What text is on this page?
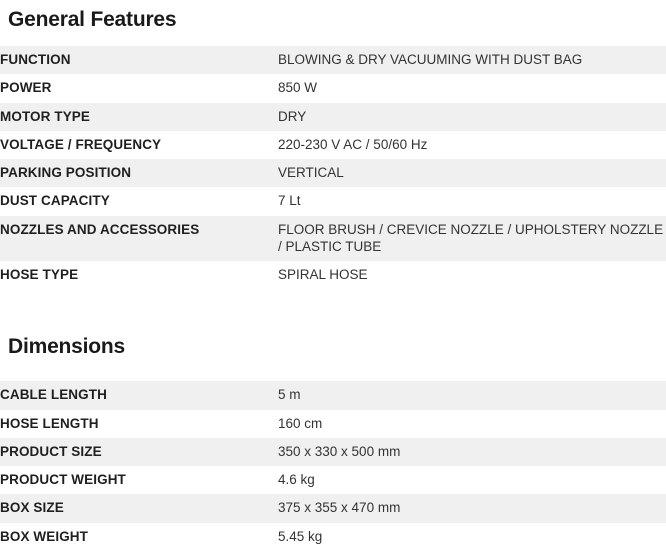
General Features
FUNCTION	BLOWING & DRY VACUUMING WITH DUST BAG
POWER	850 W
MOTOR TYPE	DRY
VOLTAGE / FREQUENCY	220-230 V AC / 50/60 Hz
PARKING POSITION	VERTICAL
DUST CAPACITY	7 Lt
NOZZLES AND ACCESSORIES	FLOOR BRUSH / CREVICE NOZZLE / UPHOLSTERY NOZZLE / PLASTIC TUBE
HOSE TYPE	SPIRAL HOSE
Dimensions
CABLE LENGTH	5 m
HOSE LENGTH	160 cm
PRODUCT SIZE	350 x 330 x 500 mm
PRODUCT WEIGHT	4.6 kg
BOX SIZE	375 x 355 x 470 mm
BOX WEIGHT	5.45 kg
